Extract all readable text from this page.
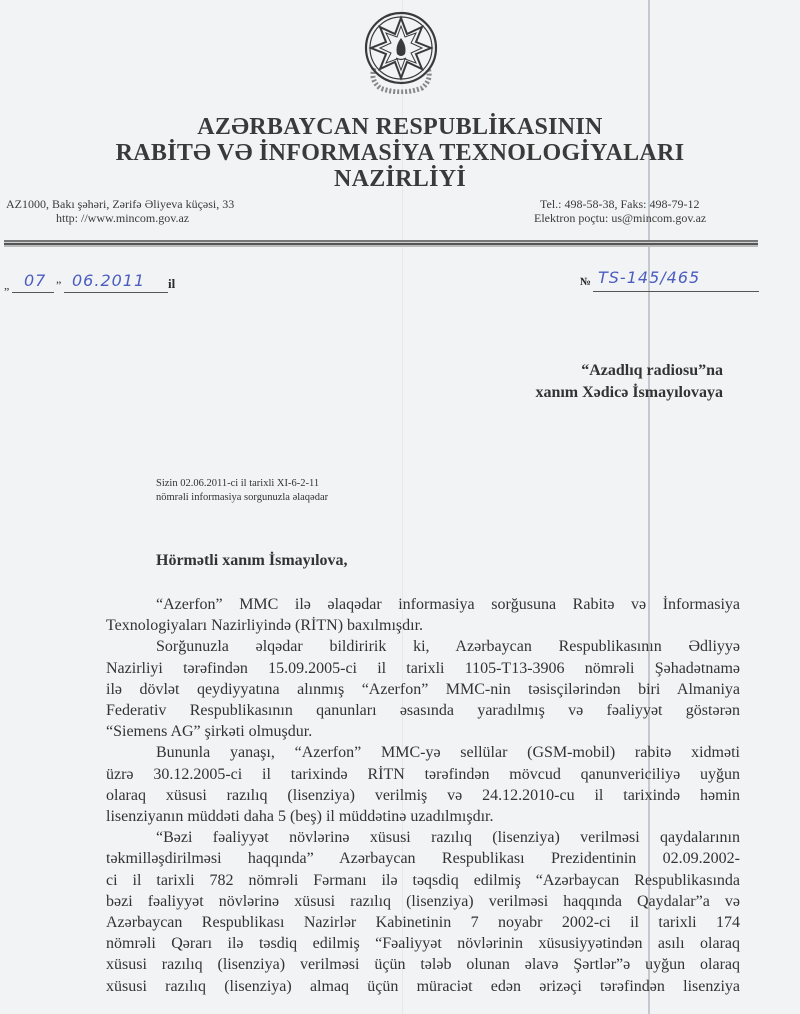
AZƏRBAYCAN RESPUBLİKASININ
RABİTƏ VƏ İNFORMASİYA TEXNOLOGİYALARI
NAZİRLİYİ
AZ1000, Bakı şəhəri, Zərifə Əliyeva küçəsi, 33
http: //www.mincom.gov.az
Tel.: 498-58-38, Faks: 498-79-12
Elektron poçtu: us@mincom.gov.az
„ 07 ” 06.2011 il	№ TS-145/465
“Azadlıq radiosu”na
xanım Xədicə İsmayılovaya
Sizin 02.06.2011-ci il tarixli XI-6-2-11
nömrəli informasiya sorgunuzla əlaqədar
Hörmətli xanım İsmayılova,
“Azerfon” MMC ilə əlaqədar informasiya sorğusuna Rabitə və İnformasiya
Texnologiyaları Nazirliyində (RİTN) baxılmışdır.
Sorğunuzla əlqədar bildiririk ki, Azərbaycan Respublikasının Ədliyyə
Nazirliyi tərəfindən 15.09.2005-ci il tarixli 1105-T13-3906 nömrəli Şəhadətnamə
ilə dövlət qeydiyyatına alınmış “Azerfon” MMC-nin təsisçilərindən biri Almaniya
Federativ Respublikasının qanunları əsasında yaradılmış və fəaliyyət göstərən
“Siemens AG” şirkəti olmuşdur.
Bununla yanaşı, “Azerfon” MMC-yə sellülar (GSM-mobil) rabitə xidməti
üzrə 30.12.2005-ci il tarixində RİTN tərəfindən mövcud qanunvericiliyə uyğun
olaraq xüsusi razılıq (lisenziya) verilmiş və 24.12.2010-cu il tarixində həmin
lisenziyanın müddəti daha 5 (beş) il müddətinə uzadılmışdır.
“Bəzi fəaliyyət növlərinə xüsusi razılıq (lisenziya) verilməsi qaydalarının
təkmilləşdirilməsi haqqında” Azərbaycan Respublikası Prezidentinin 02.09.2002-
ci il tarixli 782 nömrəli Fərmanı ilə təqsdiq edilmiş “Azərbaycan Respublikasında
bəzi fəaliyyət növlərinə xüsusi razılıq (lisenziya) verilməsi haqqında Qaydalar”a və
Azərbaycan Respublikası Nazirlər Kabinetinin 7 noyabr 2002-ci il tarixli 174
nömrəli Qərarı ilə təsdiq edilmiş “Fəaliyyət növlərinin xüsusiyyətindən asılı olaraq
xüsusi razılıq (lisenziya) verilməsi üçün tələb olunan əlavə Şərtlər”ə uyğun olaraq
xüsusi razılıq (lisenziya) almaq üçün müraciət edən ərizəçi tərəfindən lisenziya
